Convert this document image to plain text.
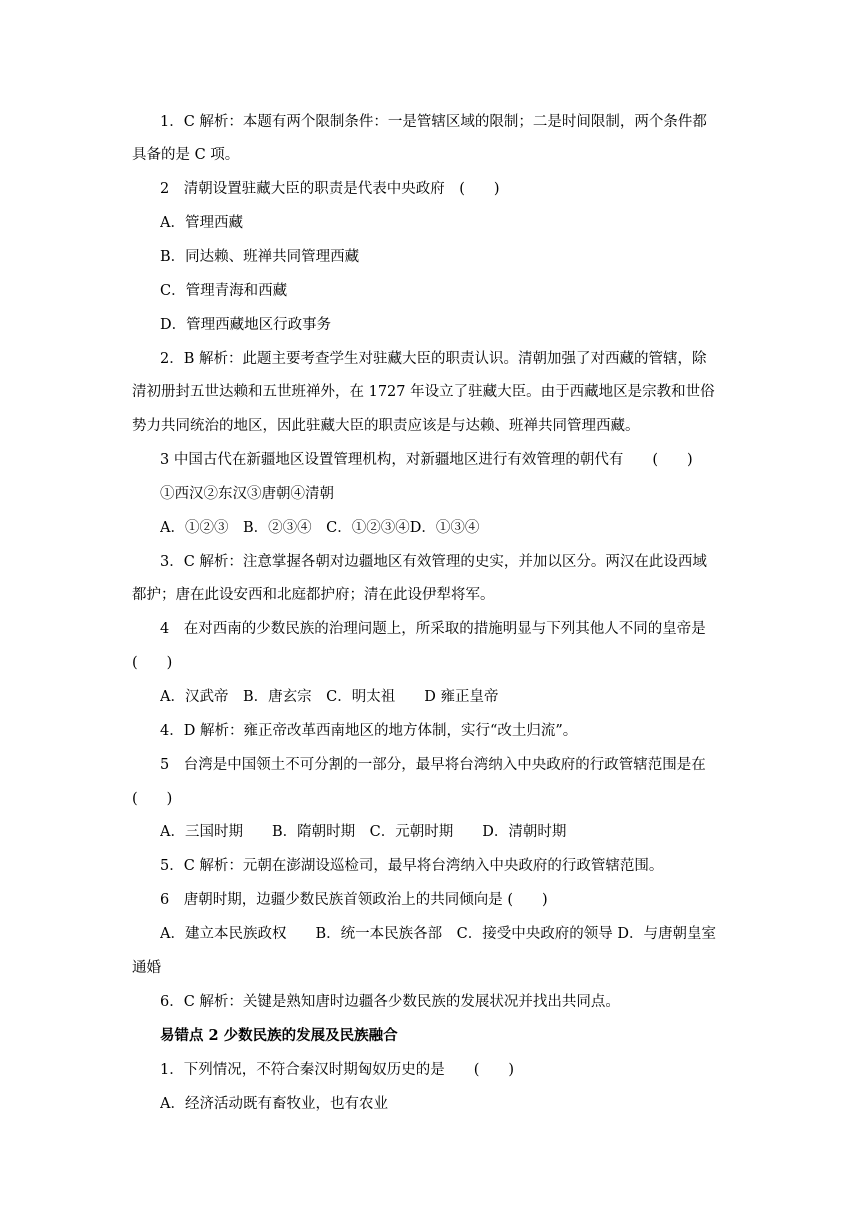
1．C 解析：本题有两个限制条件：一是管辖区域的限制；二是时间限制，两个条件都
具备的是 C 项。
2　清朝设置驻藏大臣的职责是代表中央政府　(　　)
A．管理西藏
B．同达赖、班禅共同管理西藏
C．管理青海和西藏
D．管理西藏地区行政事务
2．B 解析：此题主要考查学生对驻藏大臣的职责认识。清朝加强了对西藏的管辖，除
清初册封五世达赖和五世班禅外，在 1727 年设立了驻藏大臣。由于西藏地区是宗教和世俗
势力共同统治的地区，因此驻藏大臣的职责应该是与达赖、班禅共同管理西藏。
3 中国古代在新疆地区设置管理机构，对新疆地区进行有效管理的朝代有　　(　　)
①西汉②东汉③唐朝④清朝
A．①②③　B．②③④　C．①②③④D．①③④
3．C 解析：注意掌握各朝对边疆地区有效管理的史实，并加以区分。两汉在此设西域
都护；唐在此设安西和北庭都护府；清在此设伊犁将军。
4　在对西南的少数民族的治理问题上，所采取的措施明显与下列其他人不同的皇帝是
(　　)
A．汉武帝　B．唐玄宗　C．明太祖　　D 雍正皇帝
4．D 解析：雍正帝改革西南地区的地方体制，实行“改土归流”。
5　台湾是中国领土不可分割的一部分，最早将台湾纳入中央政府的行政管辖范围是在
(　　)
A．三国时期　　B．隋朝时期　C．元朝时期　　D．清朝时期
5．C 解析：元朝在澎湖设巡检司，最早将台湾纳入中央政府的行政管辖范围。
6　唐朝时期，边疆少数民族首领政治上的共同倾向是 (　　)
A．建立本民族政权　　B．统一本民族各部　C．接受中央政府的领导 D．与唐朝皇室
通婚
6．C 解析：关键是熟知唐时边疆各少数民族的发展状况并找出共同点。
易错点 2 少数民族的发展及民族融合
1．下列情况，不符合秦汉时期匈奴历史的是　　(　　)
A．经济活动既有畜牧业，也有农业
